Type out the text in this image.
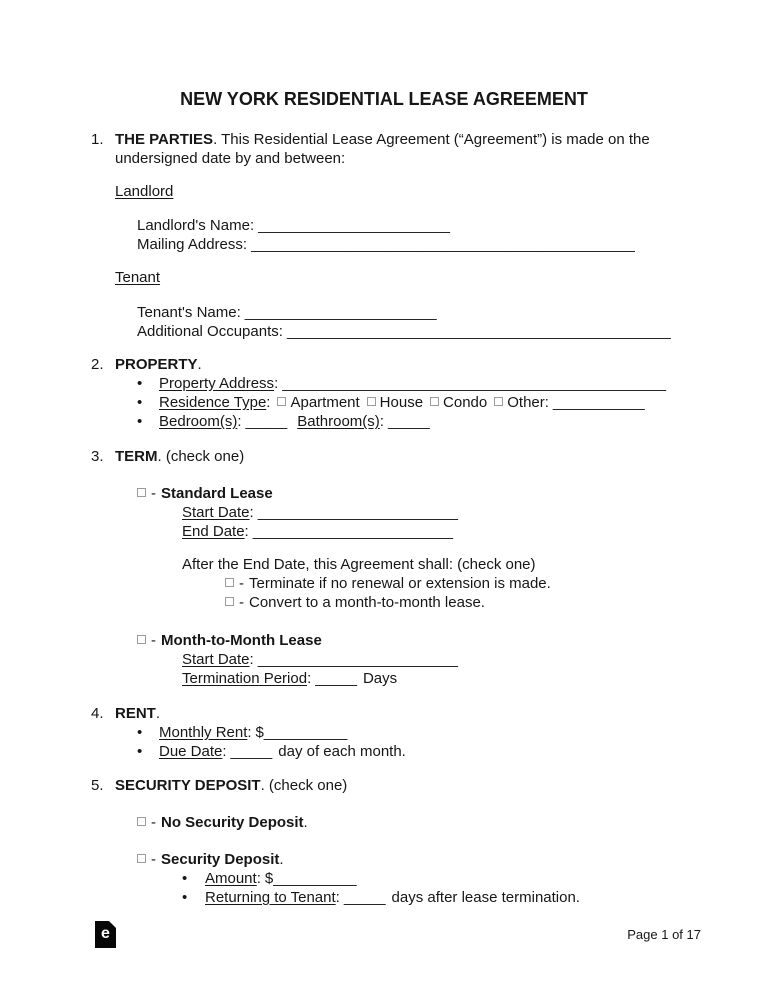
NEW YORK RESIDENTIAL LEASE AGREEMENT
1. THE PARTIES. This Residential Lease Agreement (“Agreement”) is made on the undersigned date by and between:
Landlord
Landlord's Name: _______________________
Mailing Address: ______________________________________________
Tenant
Tenant's Name: _______________________
Additional Occupants: ______________________________________________
2. PROPERTY.
• Property Address: ______________________________________________
• Residence Type: Apartment House Condo Other: ___________
• Bedroom(s): _____ Bathroom(s): _____
3. TERM. (check one)
- Standard Lease
Start Date: ________________________
End Date: ________________________
After the End Date, this Agreement shall: (check one)
- Terminate if no renewal or extension is made.
- Convert to a month-to-month lease.
- Month-to-Month Lease
Start Date: ________________________
Termination Period: _____ Days
4. RENT.
• Monthly Rent: $__________
• Due Date: _____ day of each month.
5. SECURITY DEPOSIT. (check one)
- No Security Deposit.
- Security Deposit.
• Amount: $__________
• Returning to Tenant: _____ days after lease termination.
e	Page 1 of 17
